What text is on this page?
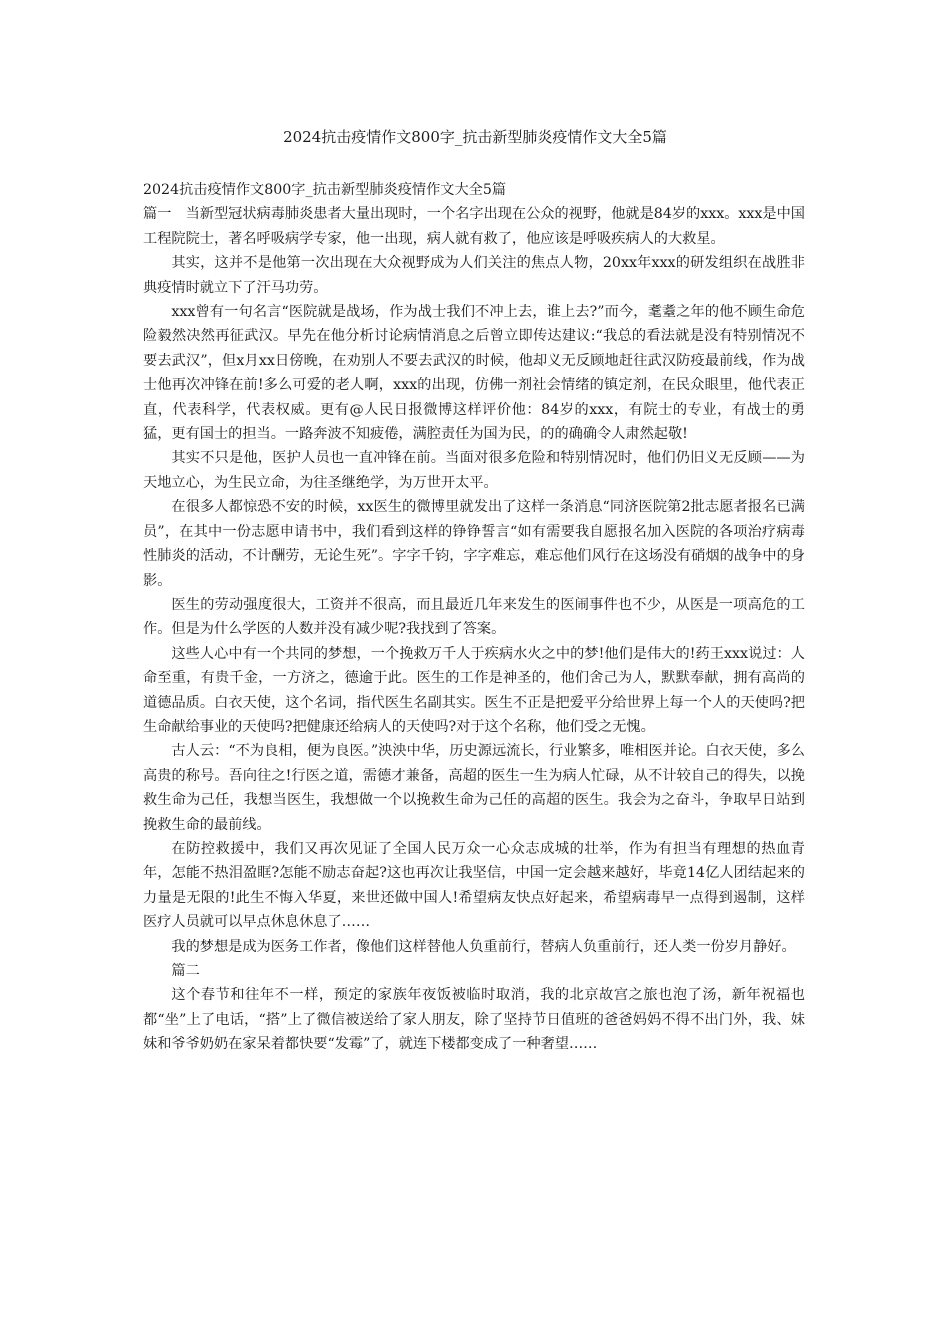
2024抗击疫情作文800字_抗击新型肺炎疫情作文大全5篇

2024抗击疫情作文800字_抗击新型肺炎疫情作文大全5篇

篇一　当新型冠状病毒肺炎患者大量出现时，一个名字出现在公众的视野，他就是84岁的xxx。xxx是中国工程院院士，著名呼吸病学专家，他一出现，病人就有救了，他应该是呼吸疾病人的大救星。

其实，这并不是他第一次出现在大众视野成为人们关注的焦点人物，20xx年xxx的研发组织在战胜非典疫情时就立下了汗马功劳。

xxx曾有一句名言“医院就是战场，作为战士我们不冲上去，谁上去?”而今，耄耋之年的他不顾生命危险毅然决然再征武汉。早先在他分析讨论病情消息之后曾立即传达建议:“我总的看法就是没有特别情况不要去武汉”，但x月xx日傍晚，在劝别人不要去武汉的时候，他却义无反顾地赶往武汉防疫最前线，作为战士他再次冲锋在前!多么可爱的老人啊，xxx的出现，仿佛一剂社会情绪的镇定剂，在民众眼里，他代表正直，代表科学，代表权威。更有@人民日报微博这样评价他：84岁的xxx，有院士的专业，有战士的勇猛，更有国士的担当。一路奔波不知疲倦，满腔责任为国为民，的的确确令人肃然起敬!

其实不只是他，医护人员也一直冲锋在前。当面对很多危险和特别情况时，他们仍旧义无反顾——为天地立心，为生民立命，为往圣继绝学，为万世开太平。

在很多人都惊恐不安的时候，xx医生的微博里就发出了这样一条消息“同济医院第2批志愿者报名已满员”，在其中一份志愿申请书中，我们看到这样的铮铮誓言“如有需要我自愿报名加入医院的各项治疗病毒性肺炎的活动，不计酬劳，无论生死”。字字千钧，字字难忘，难忘他们风行在这场没有硝烟的战争中的身影。

医生的劳动强度很大，工资并不很高，而且最近几年来发生的医闹事件也不少，从医是一项高危的工作。但是为什么学医的人数并没有减少呢?我找到了答案。

这些人心中有一个共同的梦想，一个挽救万千人于疾病水火之中的梦!他们是伟大的!药王xxx说过：人命至重，有贵千金，一方济之，德逾于此。医生的工作是神圣的，他们舍己为人，默默奉献，拥有高尚的道德品质。白衣天使，这个名词，指代医生名副其实。医生不正是把爱平分给世界上每一个人的天使吗?把生命献给事业的天使吗?把健康还给病人的天使吗?对于这个名称，他们受之无愧。

古人云：“不为良相，便为良医。”泱泱中华，历史源远流长，行业繁多，唯相医并论。白衣天使，多么高贵的称号。吾向往之!行医之道，需德才兼备，高超的医生一生为病人忙碌，从不计较自己的得失，以挽救生命为己任，我想当医生，我想做一个以挽救生命为己任的高超的医生。我会为之奋斗，争取早日站到挽救生命的最前线。

在防控救援中，我们又再次见证了全国人民万众一心众志成城的壮举，作为有担当有理想的热血青年，怎能不热泪盈眶?怎能不励志奋起?这也再次让我坚信，中国一定会越来越好，毕竟14亿人团结起来的力量是无限的!此生不悔入华夏，来世还做中国人!希望病友快点好起来，希望病毒早一点得到遏制，这样医疗人员就可以早点休息休息了……

我的梦想是成为医务工作者，像他们这样替他人负重前行，替病人负重前行，还人类一份岁月静好。

篇二

这个春节和往年不一样，预定的家族年夜饭被临时取消，我的北京故宫之旅也泡了汤，新年祝福也都“坐”上了电话，“搭”上了微信被送给了家人朋友，除了坚持节日值班的爸爸妈妈不得不出门外，我、妹妹和爷爷奶奶在家呆着都快要“发霉”了，就连下楼都变成了一种奢望……
